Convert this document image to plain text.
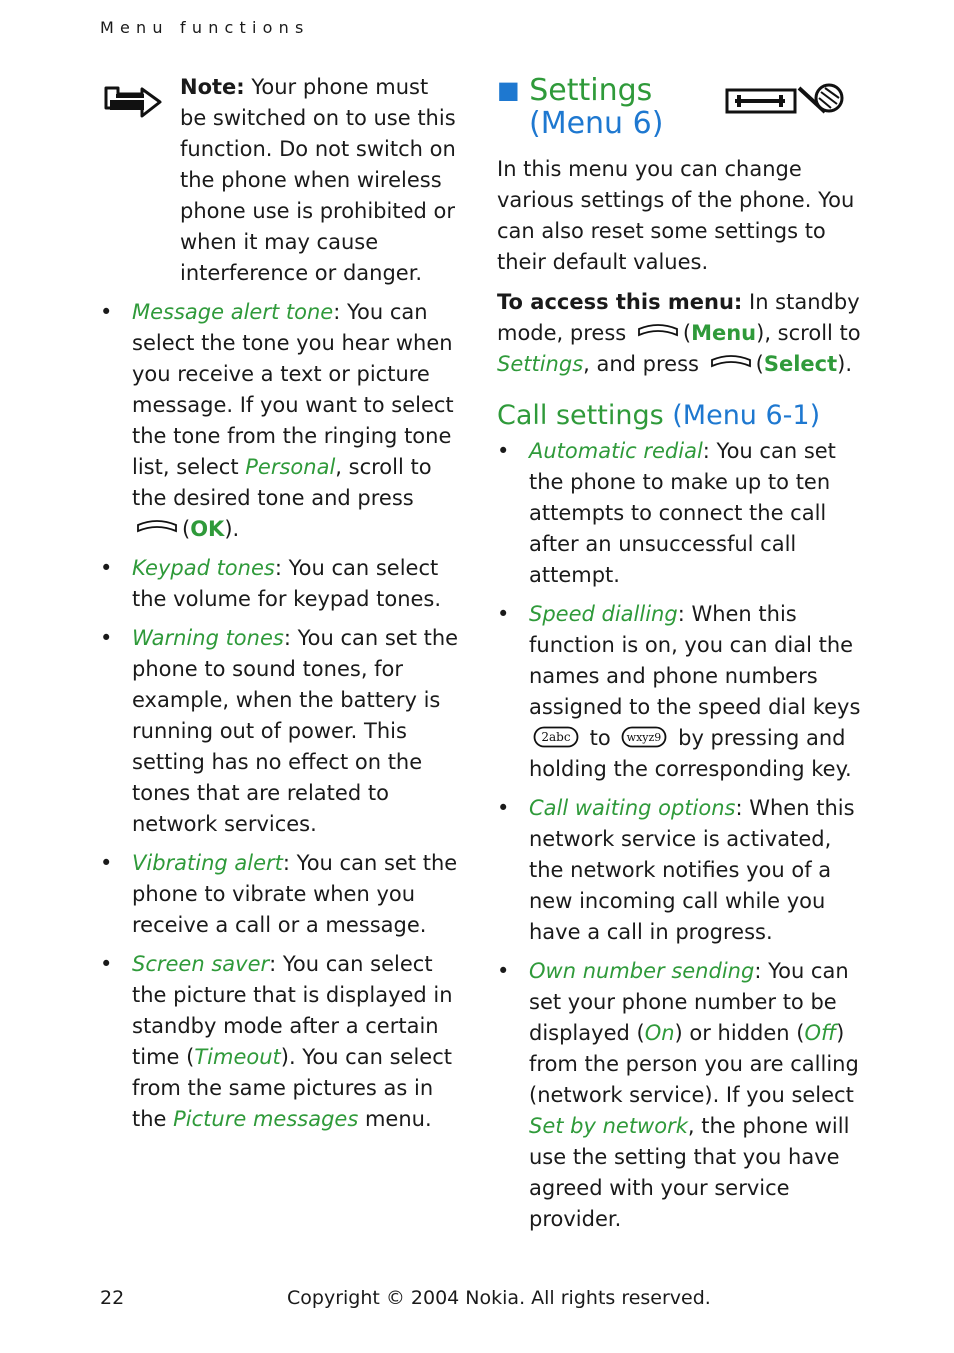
Menu functions

Note: Your phone must be switched on to use this function. Do not switch on the phone when wireless phone use is prohibited or when it may cause interference or danger.

• Message alert tone: You can select the tone you hear when you receive a text or picture message. If you want to select the tone from the ringing tone list, select Personal, scroll to the desired tone and press (OK).

• Keypad tones: You can select the volume for keypad tones.

• Warning tones: You can set the phone to sound tones, for example, when the battery is running out of power. This setting has no effect on the tones that are related to network services.

• Vibrating alert: You can set the phone to vibrate when you receive a call or a message.

• Screen saver: You can select the picture that is displayed in standby mode after a certain time (Timeout). You can select from the same pictures as in the Picture messages menu.

■ Settings
(Menu 6)

In this menu you can change various settings of the phone. You can also reset some settings to their default values.

To access this menu: In standby mode, press (Menu), scroll to Settings, and press (Select).

Call settings (Menu 6-1)
• Automatic redial: You can set the phone to make up to ten attempts to connect the call after an unsuccessful call attempt.

• Speed dialling: When this function is on, you can dial the names and phone numbers assigned to the speed dial keys
2abc to wxyz9 by pressing and holding the corresponding key.

• Call waiting options: When this network service is activated, the network notifies you of a new incoming call while you have a call in progress.

• Own number sending: You can set your phone number to be displayed (On) or hidden (Off) from the person you are calling (network service). If you select Set by network, the phone will use the setting that you have agreed with your service provider.

22	Copyright © 2004 Nokia. All rights reserved.
